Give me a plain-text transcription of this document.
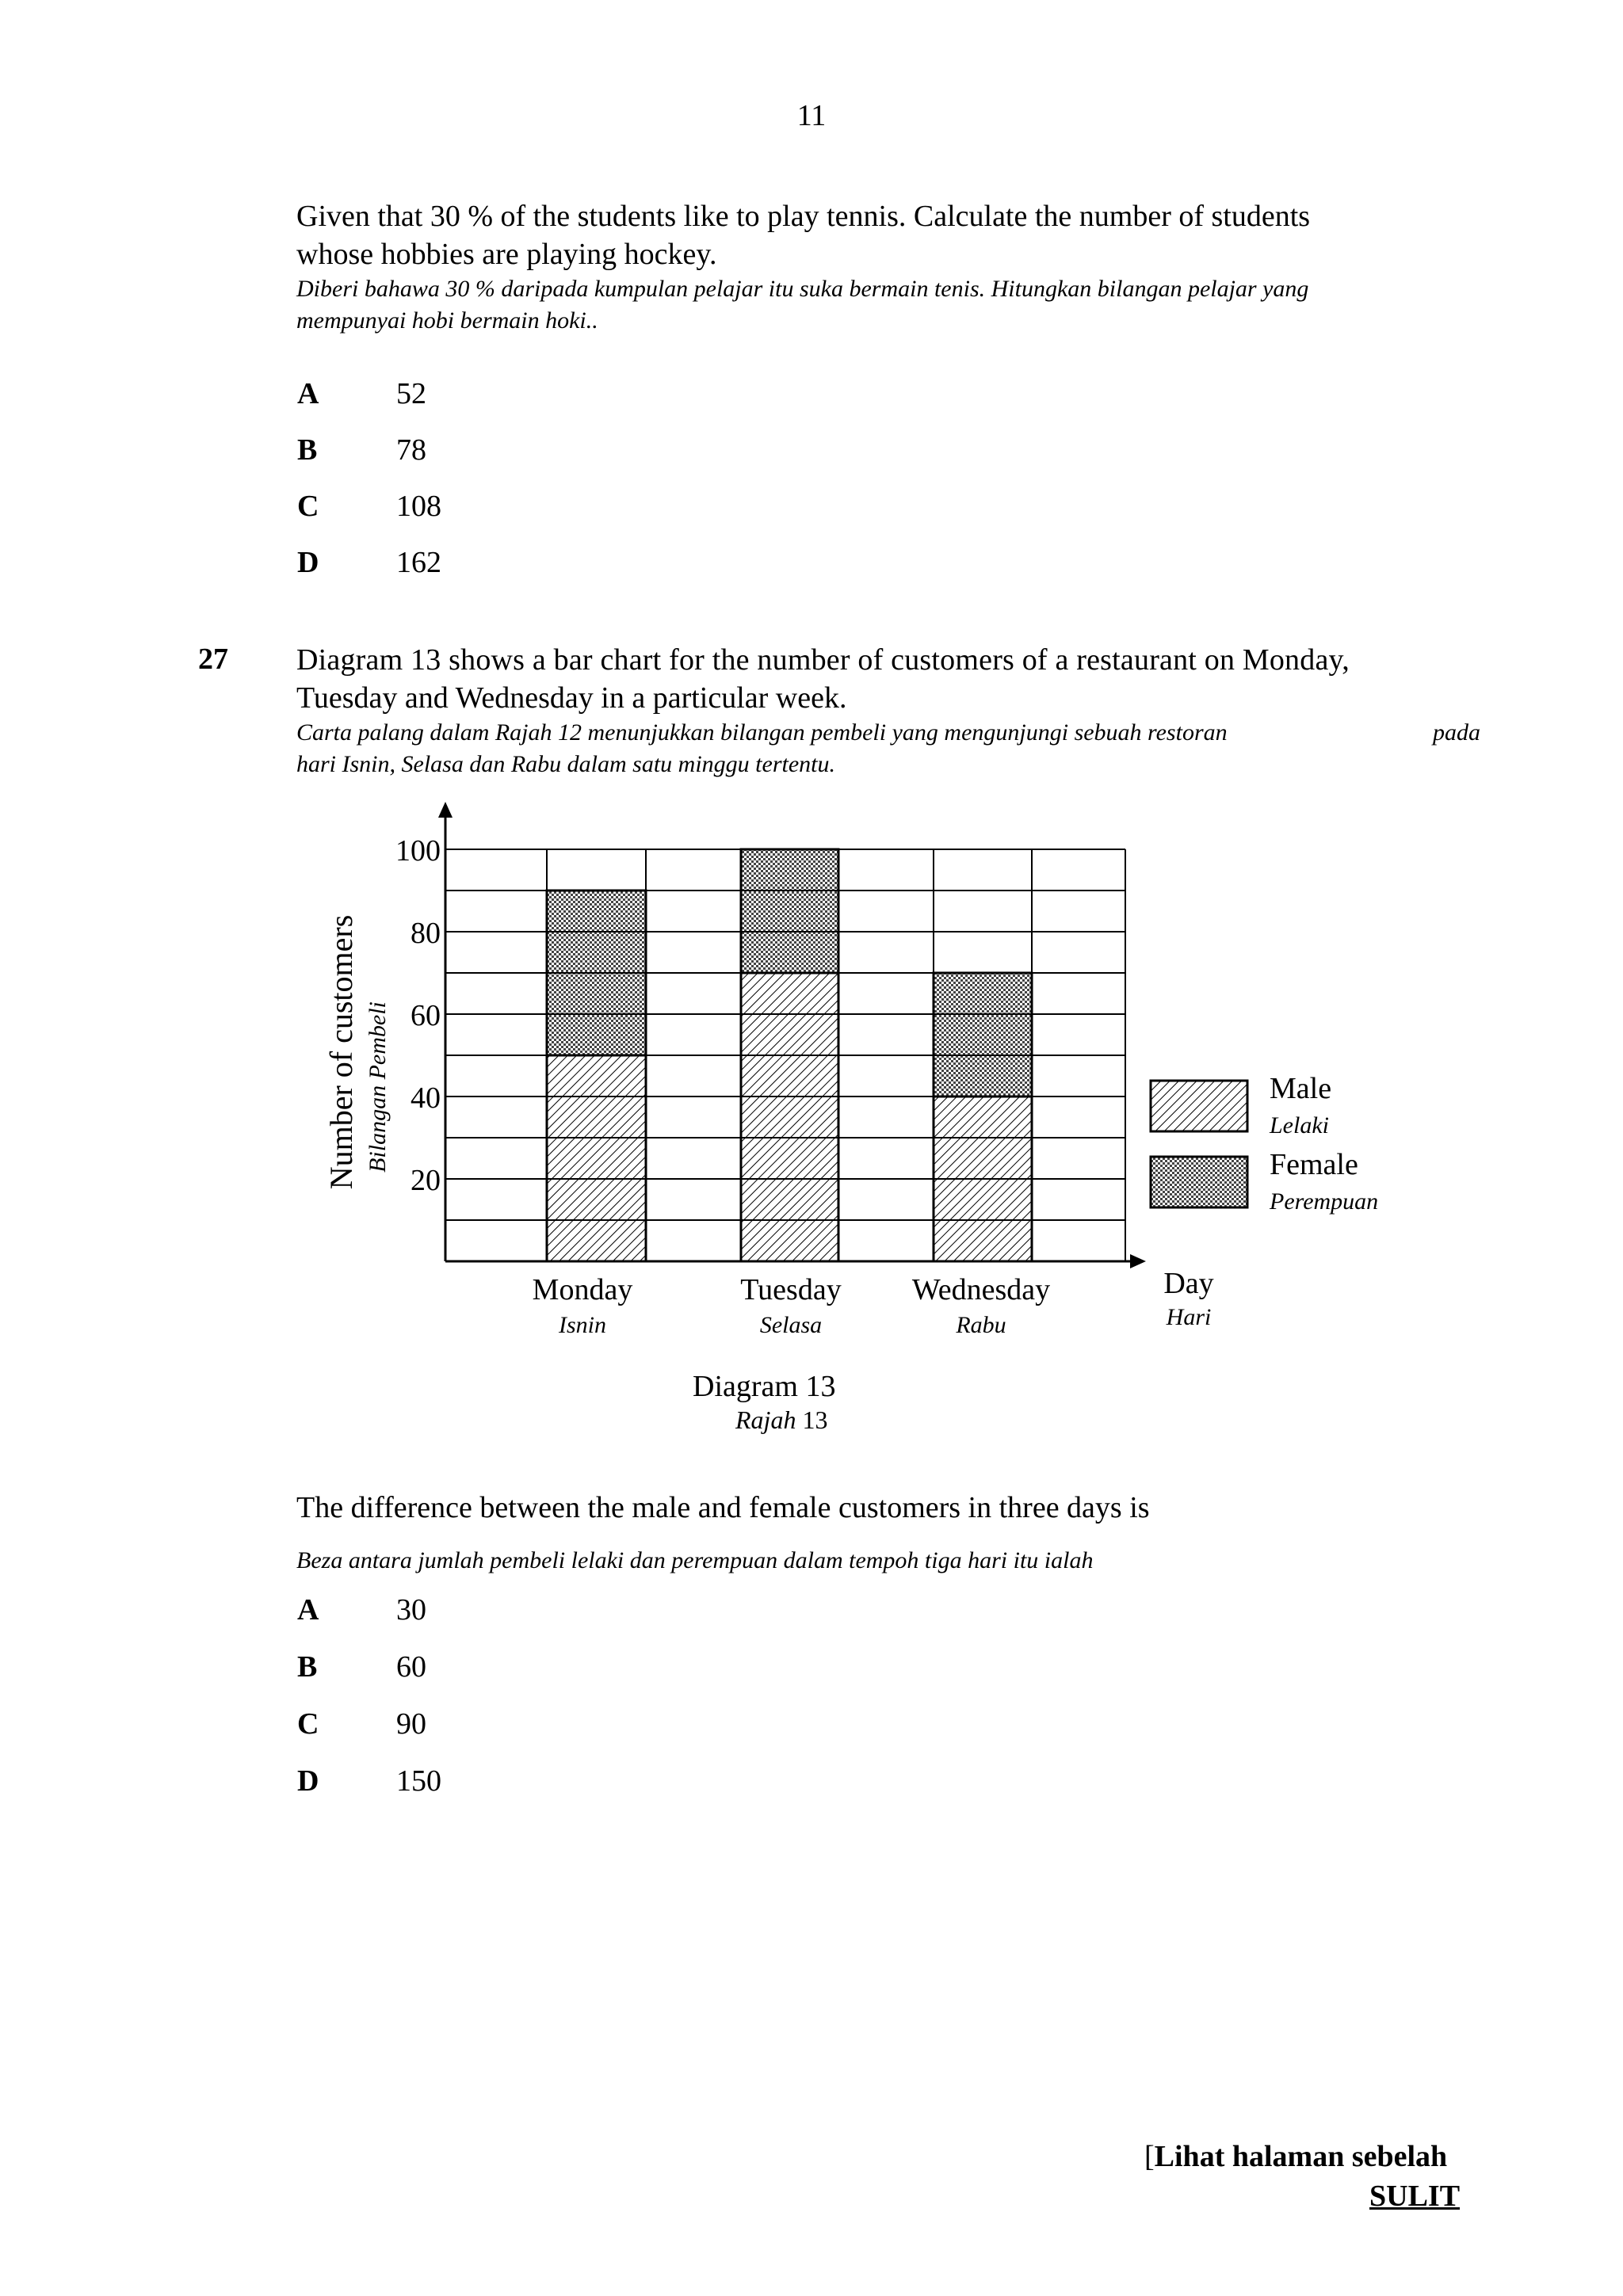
11
Given that 30 % of the students like to play tennis. Calculate the number of students
whose hobbies are playing hockey.
Diberi bahawa 30 % daripada kumpulan pelajar itu suka bermain tenis. Hitungkan bilangan pelajar yang
mempunyai hobi bermain hoki..
A	52
B	78
C	108
D	162
27 Diagram 13 shows a bar chart for the number of customers of a restaurant on Monday,
Tuesday and Wednesday in a particular week.
Carta palang dalam Rajah 12 menunjukkan bilangan pembeli yang mengunjungi sebuah restoran	pada
hari Isnin, Selasa dan Rabu dalam satu minggu tertentu.
20
40
60
80
100
Number of customers Bilangan Pembeli
Monday
Isnin
Tuesday
Selasa
Wednesday
Rabu
Day
Hari
Male
Lelaki
Female
Perempuan
Diagram 13
Rajah 13
The difference between the male and female customers in three days is
Beza antara jumlah pembeli lelaki dan perempuan dalam tempoh tiga hari itu ialah
A	30
B	60
C	90
D	150
[Lihat halaman sebelah
SULIT
